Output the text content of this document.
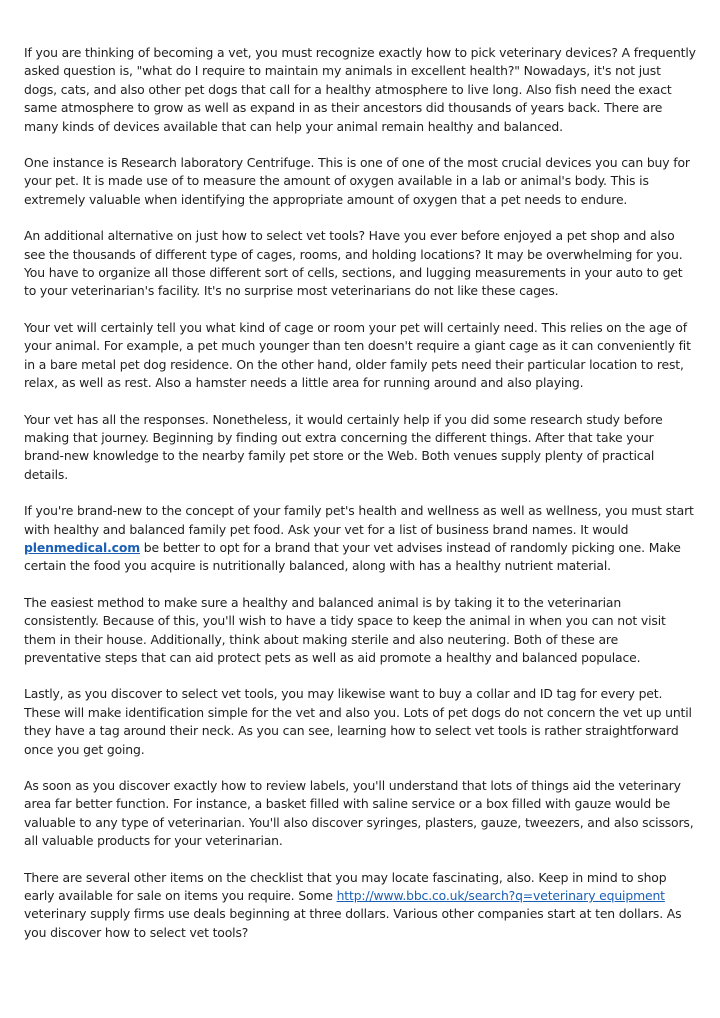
If you are thinking of becoming a vet, you must recognize exactly how to pick veterinary devices? A frequently asked question is, "what do I require to maintain my animals in excellent health?" Nowadays, it's not just dogs, cats, and also other pet dogs that call for a healthy atmosphere to live long. Also fish need the exact same atmosphere to grow as well as expand in as their ancestors did thousands of years back. There are many kinds of devices available that can help your animal remain healthy and balanced.

One instance is Research laboratory Centrifuge. This is one of one of the most crucial devices you can buy for your pet. It is made use of to measure the amount of oxygen available in a lab or animal's body. This is extremely valuable when identifying the appropriate amount of oxygen that a pet needs to endure.

An additional alternative on just how to select vet tools? Have you ever before enjoyed a pet shop and also see the thousands of different type of cages, rooms, and holding locations? It may be overwhelming for you. You have to organize all those different sort of cells, sections, and lugging measurements in your auto to get to your veterinarian's facility. It's no surprise most veterinarians do not like these cages.

Your vet will certainly tell you what kind of cage or room your pet will certainly need. This relies on the age of your animal. For example, a pet much younger than ten doesn't require a giant cage as it can conveniently fit in a bare metal pet dog residence. On the other hand, older family pets need their particular location to rest, relax, as well as rest. Also a hamster needs a little area for running around and also playing.

Your vet has all the responses. Nonetheless, it would certainly help if you did some research study before making that journey. Beginning by finding out extra concerning the different things. After that take your brand-new knowledge to the nearby family pet store or the Web. Both venues supply plenty of practical details.

If you're brand-new to the concept of your family pet's health and wellness as well as wellness, you must start with healthy and balanced family pet food. Ask your vet for a list of business brand names. It would plenmedical.com be better to opt for a brand that your vet advises instead of randomly picking one. Make certain the food you acquire is nutritionally balanced, along with has a healthy nutrient material.

The easiest method to make sure a healthy and balanced animal is by taking it to the veterinarian consistently. Because of this, you'll wish to have a tidy space to keep the animal in when you can not visit them in their house. Additionally, think about making sterile and also neutering. Both of these are preventative steps that can aid protect pets as well as aid promote a healthy and balanced populace.

Lastly, as you discover to select vet tools, you may likewise want to buy a collar and ID tag for every pet. These will make identification simple for the vet and also you. Lots of pet dogs do not concern the vet up until they have a tag around their neck. As you can see, learning how to select vet tools is rather straightforward once you get going.

As soon as you discover exactly how to review labels, you'll understand that lots of things aid the veterinary area far better function. For instance, a basket filled with saline service or a box filled with gauze would be valuable to any type of veterinarian. You'll also discover syringes, plasters, gauze, tweezers, and also scissors, all valuable products for your veterinarian.

There are several other items on the checklist that you may locate fascinating, also. Keep in mind to shop early available for sale on items you require. Some http://www.bbc.co.uk/search?q=veterinary equipment veterinary supply firms use deals beginning at three dollars. Various other companies start at ten dollars. As you discover how to select vet tools?
